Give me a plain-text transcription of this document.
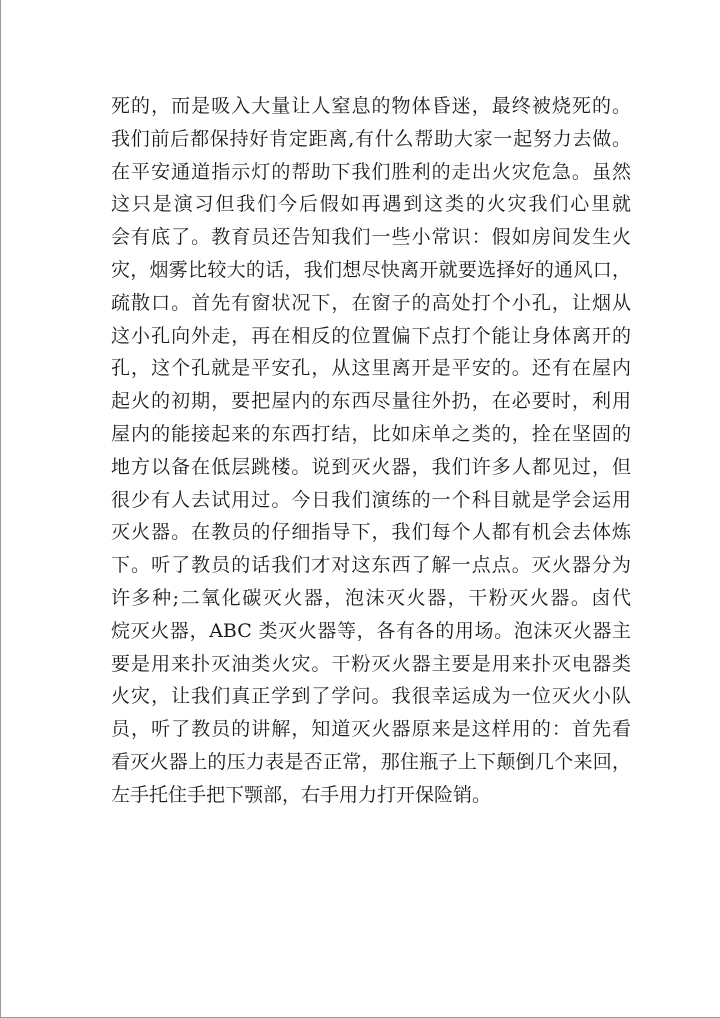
死的，而是吸入大量让人窒息的物体昏迷，最终被烧死的。
我们前后都保持好肯定距离,有什么帮助大家一起努力去做。
在平安通道指示灯的帮助下我们胜利的走出火灾危急。虽然
这只是演习但我们今后假如再遇到这类的火灾我们心里就
会有底了。教育员还告知我们一些小常识：假如房间发生火
灾，烟雾比较大的话，我们想尽快离开就要选择好的通风口，
疏散口。首先有窗状况下，在窗子的高处打个小孔，让烟从
这小孔向外走，再在相反的位置偏下点打个能让身体离开的
孔，这个孔就是平安孔，从这里离开是平安的。还有在屋内
起火的初期，要把屋内的东西尽量往外扔，在必要时，利用
屋内的能接起来的东西打结，比如床单之类的，拴在坚固的
地方以备在低层跳楼。说到灭火器，我们许多人都见过，但
很少有人去试用过。今日我们演练的一个科目就是学会运用
灭火器。在教员的仔细指导下，我们每个人都有机会去体炼
下。听了教员的话我们才对这东西了解一点点。灭火器分为
许多种;二氧化碳灭火器，泡沫灭火器，干粉灭火器。卤代
烷灭火器，ABC 类灭火器等，各有各的用场。泡沫灭火器主
要是用来扑灭油类火灾。干粉灭火器主要是用来扑灭电器类
火灾，让我们真正学到了学问。我很幸运成为一位灭火小队
员，听了教员的讲解，知道灭火器原来是这样用的：首先看
看灭火器上的压力表是否正常，那住瓶子上下颠倒几个来回，
左手托住手把下颚部，右手用力打开保险销。
